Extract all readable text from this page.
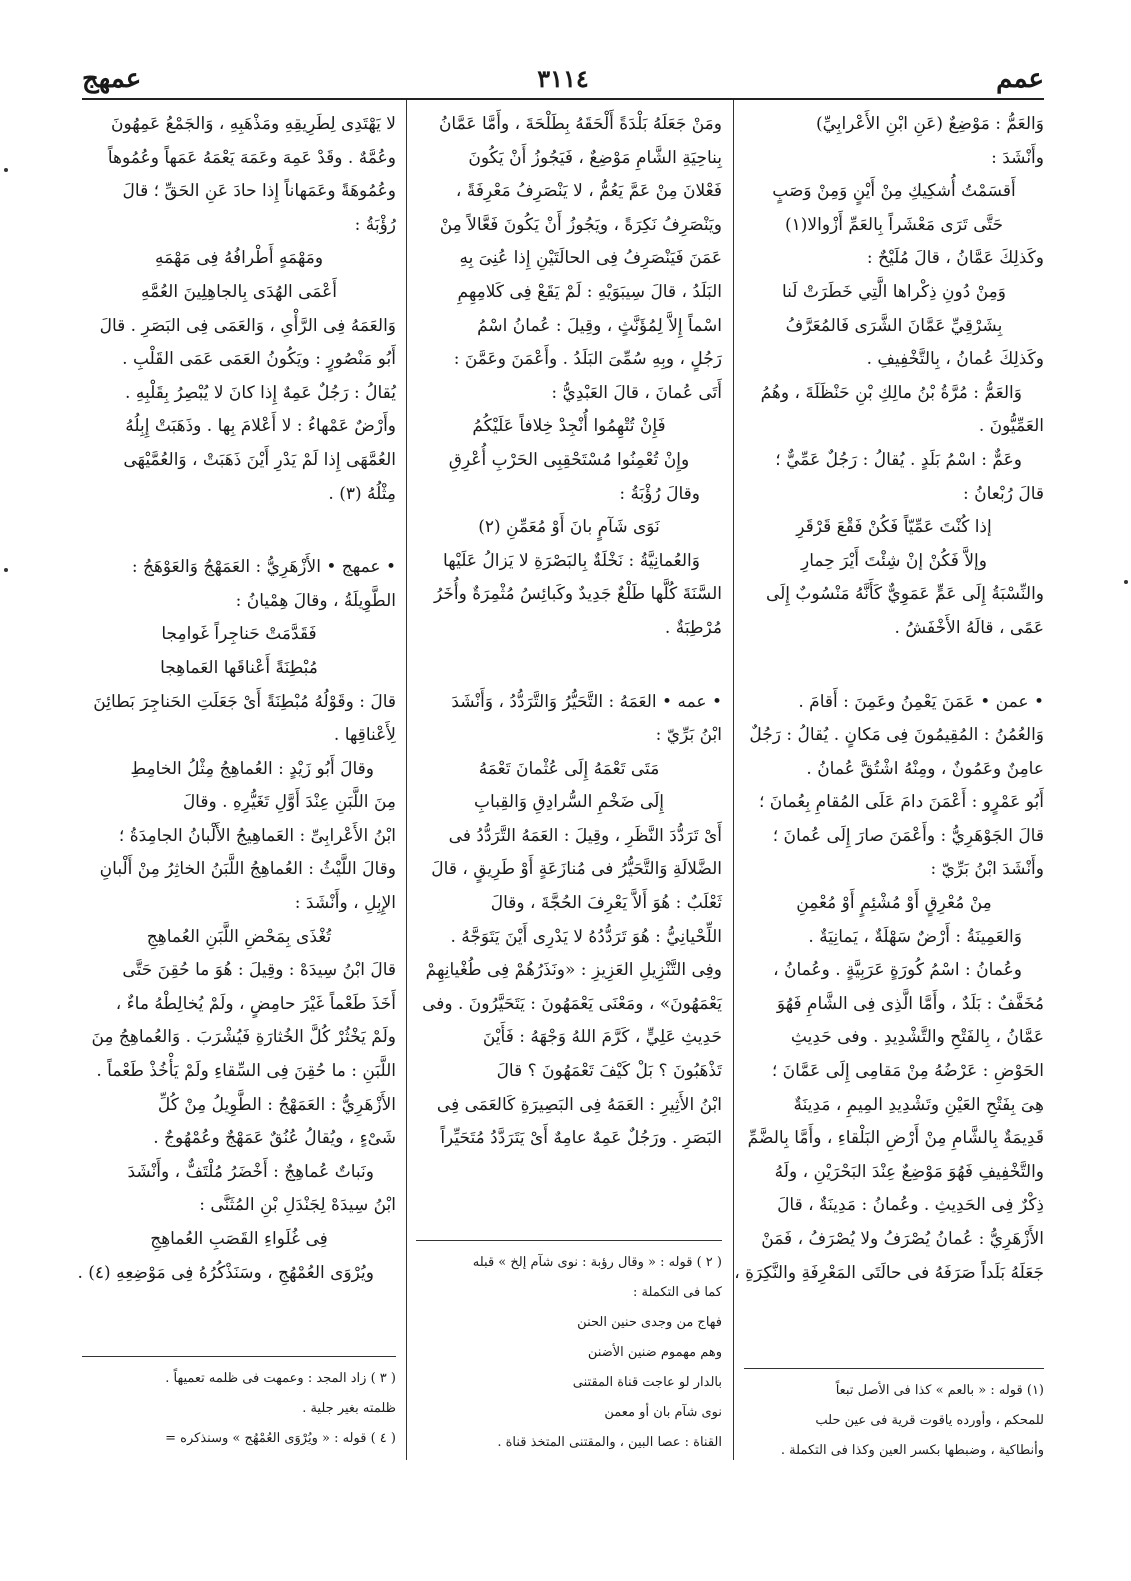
عمهج	٣١١٤	عمم

وَالعَمُّ : مَوْضِعٌ (عَنِ ابْنِ الأَعْرابِيِّ)

وأَنْشَدَ :

أَقسَمْتُ أُشكِيكِ مِنْ أَيْنٍ وَمِنْ وَصَبٍ

حَتَّى تَرَى مَعْشَراً بِالعَمِّ أَزْوالا(١)

وكَذلِكَ عَمَّانُ ، قالَ مُلَيْحٌ :

وَمِنْ دُونِ ذِكْراها الَّتِي خَطَرَتْ لَنا

بِشَرْقِيِّ عَمَّانَ الشَّرَى فَالمُعَرَّفُ

وكَذلِكَ عُمانُ ، بِالتَّخْفِيفِ .

وَالعَمُّ : مُرَّةُ بْنُ مالِكِ بْنِ حَنْظَلَةَ ، وهُمُ

العَمِّيُّونَ .

وعَمٌّ : اسْمُ بَلَدٍ . يُقالُ : رَجُلٌ عَمِّيٌّ ؛

قالَ رُبْعانُ :

إذا كُنْتَ عَمِّيّاً فَكُنْ فَقْعَ قَرْقَرِ

وإلاَّ فَكُنْ إنْ شِئْتَ أَيْرَ حِمارِ

والنِّسْبَةُ إِلَى عَمٍّ عَمَوِيٌّ كَأَنَّهُ مَنْسُوبٌ إِلَى

عَمًى ، قالَهُ الأَخْفَشُ .

• عمن • عَمَنَ يَعْمِنُ وعَمِنَ : أَقامَ .

وَالعُمُنُ : المُقِيمُونَ فِى مَكانٍ . يُقالُ : رَجُلٌ

عامِنٌ وعَمُونٌ ، ومِنْهُ اشْتُقَّ عُمانُ .

أَبُو عَمْرٍو : أَعْمَنَ دامَ عَلَى المُقامِ بِعُمانَ ؛

قالَ الجَوْهَرِيُّ : وأَعْمَنَ صارَ إِلَى عُمانَ ؛

وأَنْشَدَ ابْنُ بَرِّيّ :

مِنْ مُعْرِقٍ أَوْ مُشْئِمٍ أَوْ مُعْمِنِ

وَالعَمِينَةُ : أَرْضٌ سَهْلَةٌ ، يَمانِيَةٌ .

وعُمانُ : اسْمُ كُورَةٍ عَرَبِيَّةٍ . وعُمانُ ،

مُخَفَّفٌ : بَلَدٌ ، وأَمَّا الَّذِى فِى الشَّامِ فَهُوَ

عَمَّانُ ، بِالفَتْحِ والتَّشْدِيدِ . وفى حَدِيثِ

الحَوْضِ : عَرْضُهُ مِنْ مَقامِى إِلَى عَمَّانَ ؛

هِىَ بِفَتْحِ العَيْنِ وتَشْدِيدِ المِيمِ ، مَدِينَةٌ

قَدِيمَةٌ بِالشَّامِ مِنْ أَرْضِ البَلْقاءِ ، وأَمَّا بِالضَّمِّ

والتَّخْفِيفِ فَهُوَ مَوْضِعٌ عِنْدَ البَحْرَيْنِ ، ولَهُ

ذِكْرٌ فِى الحَدِيثِ . وعُمانُ : مَدِينَةٌ ، قالَ

الأَزْهَرِيُّ : عُمانُ يُصْرَفُ ولا يُصْرَفُ ، فَمَنْ

جَعَلَهُ بَلَداً صَرَفَهُ فى حالَتَى المَعْرِفَةِ والنَّكِرَةِ ،

(١) قوله : « بالعم » كذا فى الأصل تبعاً

للمحكم ، وأورده ياقوت قرية فى عين حلب

وأنطاكية ، وضبطها بكسر العين وكذا فى التكملة .

ومَنْ جَعَلَهُ بَلْدَةً أَلْحَقَهُ بِطَلْحَةَ ، وأَمَّا عَمَّانُ

بِناحِيَةِ الشَّامِ مَوْضِعٌ ، فَيَجُوزُ أَنْ يَكُونَ

فَعْلانَ مِنْ عَمَّ يَعُمُّ ، لا يَنْصَرِفُ مَعْرِفَةً ،

ويَنْصَرِفُ نَكِرَةً ، ويَجُوزُ أَنْ يَكُونَ فَعَّالاً مِنْ

عَمَنَ فَيَنْصَرِفُ فِى الحالَتَيْنِ إِذا عُنِىَ بِهِ

البَلَدُ ، قالَ سِيبَوَيْهِ : لَمْ يَقَعْ فِى كَلامِهِمِ

اسْماً إِلاَّ لِمُؤَنَّثٍ ، وقِيلَ : عُمانُ اسْمُ

رَجُلٍ ، وبِهِ سُمِّىَ البَلَدُ . وأَعْمَنَ وعَمَّنَ :

أَتَى عُمانَ ، قالَ العَبْدِيُّ :

فَإِنْ تُتْهِمُوا أُنْجِدْ خِلافاً عَلَيْكُمُ

وإِنْ تُعْمِنُوا مُسْتَحْقِبِى الحَرْبِ أُعْرِقِ

وقالَ رُؤْبَةُ :

نَوَى شَآمٍ بانَ أَوْ مُعَمِّنِ (٢)

وَالعُمانِيَّةُ : نَخْلَةٌ بِالبَصْرَةِ لا يَزالُ عَلَيْها

السَّنَةَ كُلَّها طَلْعٌ جَدِيدٌ وكَبائِسُ مُثْمِرَةٌ وأُخَرُ

مُرْطِبَةٌ .

• عمه • العَمَهُ : التَّحَيُّرُ وَالتَّرَدُّدُ ، وَأَنْشَدَ

ابْنُ بَرِّيّ :

مَتَى تَعْمَهُ إِلَى عُثْمانَ تَعْمَهُ

إِلَى ضَخْمِ السُّرادِقِ وَالقِبابِ

أَىْ تَرَدُّدَ النَّظَرِ ، وقِيلَ : العَمَهُ التَّرَدُّدُ فى

الضَّلالَةِ وَالتَّحَيُّرُ فى مُنازَعَةٍ أَوْ طَرِيقٍ ، قالَ

ثَعْلَبٌ : هُوَ أَلاَّ يَعْرِفَ الحُجَّةَ ، وقالَ

اللِّحْيانِيُّ : هُوَ تَرَدُّدُهُ لا يَدْرِى أَيْنَ يَتَوَجَّهُ .

وفِى التَّنْزِيلِ العَزِيزِ : «ونَذَرُهُمْ فِى طُغْيانِهِمْ

يَعْمَهُونَ» ، ومَعْنَى يَعْمَهُونَ : يَتَحَيَّرُونَ . وفى

حَدِيثِ عَلِيٍّ ، كَرَّمَ اللهُ وَجْهَهُ : فَأَيْنَ

تَذْهَبُونَ ؟ بَلْ كَيْفَ تَعْمَهُونَ ؟ قالَ

ابْنُ الأَثِيرِ : العَمَهُ فِى البَصِيرَةِ كَالعَمَى فِى

البَصَرِ . ورَجُلٌ عَمِهٌ عامِهٌ أَىْ يَتَرَدَّدُ مُتَحَيِّراً

( ٢ ) قوله : « وقال رؤبة : نوى شآم إلخ » قبله

كما فى التكملة :

فهاج من وجدى حنين الحنن

وهم مهموم ضنين الأضنن

بالدار لو عاجت قناة المقتنى

نوى شآم بان أو معمن

القناة : عصا البين ، والمقتنى المتخذ قناة .

لا يَهْتَدِى لِطَرِيقِهِ ومَذْهَبِهِ ، وَالجَمْعُ عَمِهُونَ

وعُمَّهٌ . وقَدْ عَمِهَ وعَمَهَ يَعْمَهُ عَمَهاً وعُمُوهاً

وعُمُوهَةً وعَمَهاناً إِذا حادَ عَنِ الحَقِّ ؛ قالَ

رُؤْبَةُ :

ومَهْمَهٍ أَطْرافُهُ فِى مَهْمَهِ

أَعْمَى الهُدَى بِالجاهِلِينَ العُمَّهِ

وَالعَمَهُ فِى الرَّأْىِ ، وَالعَمَى فِى البَصَرِ . قالَ

أَبُو مَنْصُورٍ : ويَكُونُ العَمَى عَمَى القَلْبِ .

يُقالُ : رَجُلٌ عَمِهٌ إِذا كانَ لا يُبْصِرُ بِقَلْبِهِ .

وأَرْضٌ عَمْهاءُ : لا أَعْلامَ بِها . وذَهَبَتْ إِبِلُهُ

العُمَّهَى إِذا لَمْ يَدْرِ أَيْنَ ذَهَبَتْ ، وَالعُمَّيْهَى

مِثْلُهُ (٣) .

• عمهج • الأَزْهَرِيُّ : العَمَهْجُ وَالعَوْهَجُ :

الطَّوِيلَةُ ، وقالَ هِمْيانُ :

فَقَدَّمَتْ حَناجِراً غَوامِجا

مُبْطِنَةً أَعْناقَها العَماهِجا

قالَ : وقَوْلُهُ مُبْطِنَةً أَىْ جَعَلَتِ الحَناجِرَ بَطائِنَ

لِأَعْناقِها .

وقالَ أَبُو زَيْدٍ : العُماهِجُ مِثْلُ الخامِطِ

مِنَ اللَّبَنِ عِنْدَ أَوَّلِ تَغَيُّرِهِ . وقالَ

ابْنُ الأَعْرابِىِّ : العَماهِيجُ الأَلْبانُ الجامِدَةُ ؛

وقالَ اللَّيْثُ : العُماهِجُ اللَّبَنُ الخاثِرُ مِنْ أَلْبانِ

الإِبِلِ ، وأَنْشَدَ :

تُغْذَى بِمَحْضِ اللَّبَنِ العُماهِجِ

قالَ ابْنُ سِيدَهْ : وقِيلَ : هُوَ ما حُقِنَ حَتَّى

أَخَذَ طَعْماً غَيْرَ حامِضٍ ، ولَمْ يُخالِطْهُ ماءٌ ،

ولَمْ يَخْثُرْ كُلَّ الخُثارَةِ فَيُشْرَبَ . وَالعُماهِجُ مِنَ

اللَّبَنِ : ما حُقِنَ فِى السِّقاءِ ولَمْ يَأْخُذْ طَعْماً .

الأَزْهَرِيُّ : العَمَهْجُ : الطَّوِيلُ مِنْ كُلِّ

شَىْءٍ ، ويُقالُ عُنُقٌ عَمَهْجٌ وعُمْهُوجٌ .

ونَباتٌ عُماهِجٌ : أَخْضَرُ مُلْتَفٌّ ، وأَنْشَدَ

ابْنُ سِيدَهْ لِجَنْدَلِ بْنِ المُثَنَّى :

فِى غُلَواءِ القَصَبِ العُماهِجِ

ويُرْوَى العُمْهُجِ ، وسَنَذْكُرُهُ فِى مَوْضِعِهِ (٤) .

( ٣ ) زاد المجد : وعمهت فى ظلمه تعميهاً .

ظلمته بغير جلية .

( ٤ ) قوله : « ويُرْوَى العُمْهُج » وسنذكره =
